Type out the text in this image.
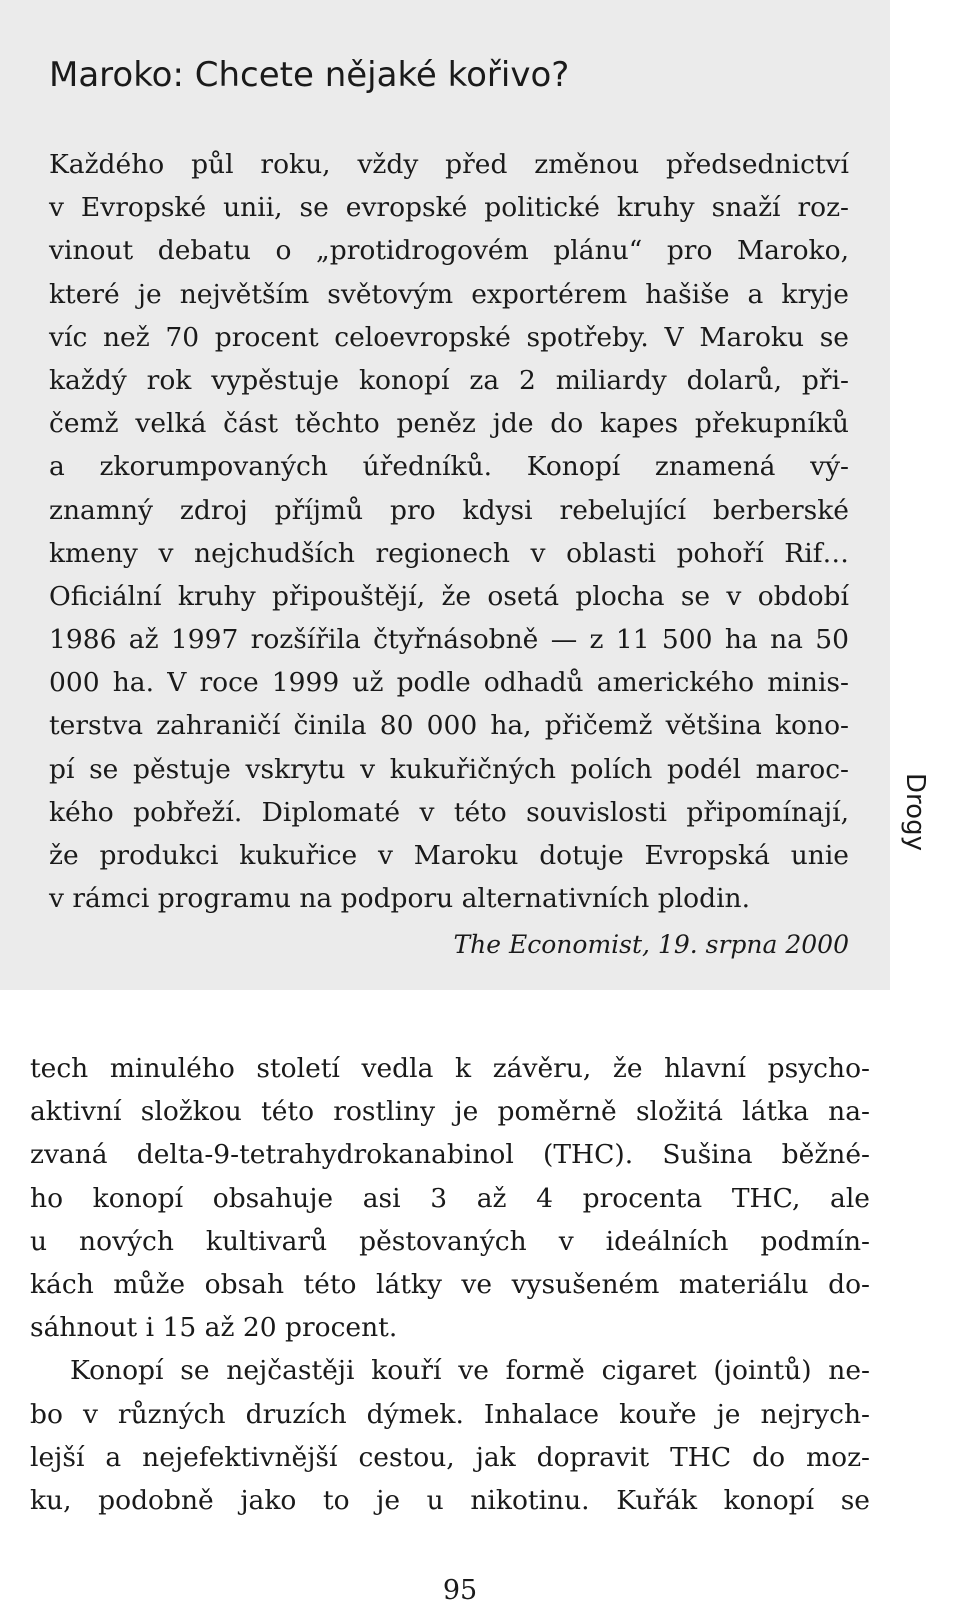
Maroko: Chcete nějaké kořivo?
Každého půl roku, vždy před změnou předsednictví
v Evropské unii, se evropské politické kruhy snaží roz-
vinout debatu o „protidrogovém plánu“ pro Maroko,
které je největším světovým exportérem hašiše a kryje
víc než 70 procent celoevropské spotřeby. V Maroku se
každý rok vypěstuje konopí za 2 miliardy dolarů, při-
čemž velká část těchto peněz jde do kapes překupníků
a zkorumpovaných úředníků. Konopí znamená vý-
znamný zdroj příjmů pro kdysi rebelující berberské
kmeny v nejchudších regionech v oblasti pohoří Rif…
Oficiální kruhy připouštějí, že osetá plocha se v období
1986 až 1997 rozšířila čtyřnásobně — z 11 500 ha na 50
000 ha. V roce 1999 už podle odhadů amerického minis-
terstva zahraničí činila 80 000 ha, přičemž většina kono-
pí se pěstuje vskrytu v kukuřičných polích podél maroc-
kého pobřeží. Diplomaté v této souvislosti připomínají,
že produkci kukuřice v Maroku dotuje Evropská unie
v rámci programu na podporu alternativních plodin.
The Economist, 19. srpna 2000
Drogy
tech minulého století vedla k závěru, že hlavní psycho-
aktivní složkou této rostliny je poměrně složitá látka na-
zvaná delta-9-tetrahydrokanabinol (THC). Sušina běžné-
ho konopí obsahuje asi 3 až 4 procenta THC, ale
u nových kultivarů pěstovaných v ideálních podmín-
kách může obsah této látky ve vysušeném materiálu do-
sáhnout i 15 až 20 procent.
Konopí se nejčastěji kouří ve formě cigaret (jointů) ne-
bo v různých druzích dýmek. Inhalace kouře je nejrych-
lejší a nejefektivnější cestou, jak dopravit THC do moz-
ku, podobně jako to je u nikotinu. Kuřák konopí se
95
